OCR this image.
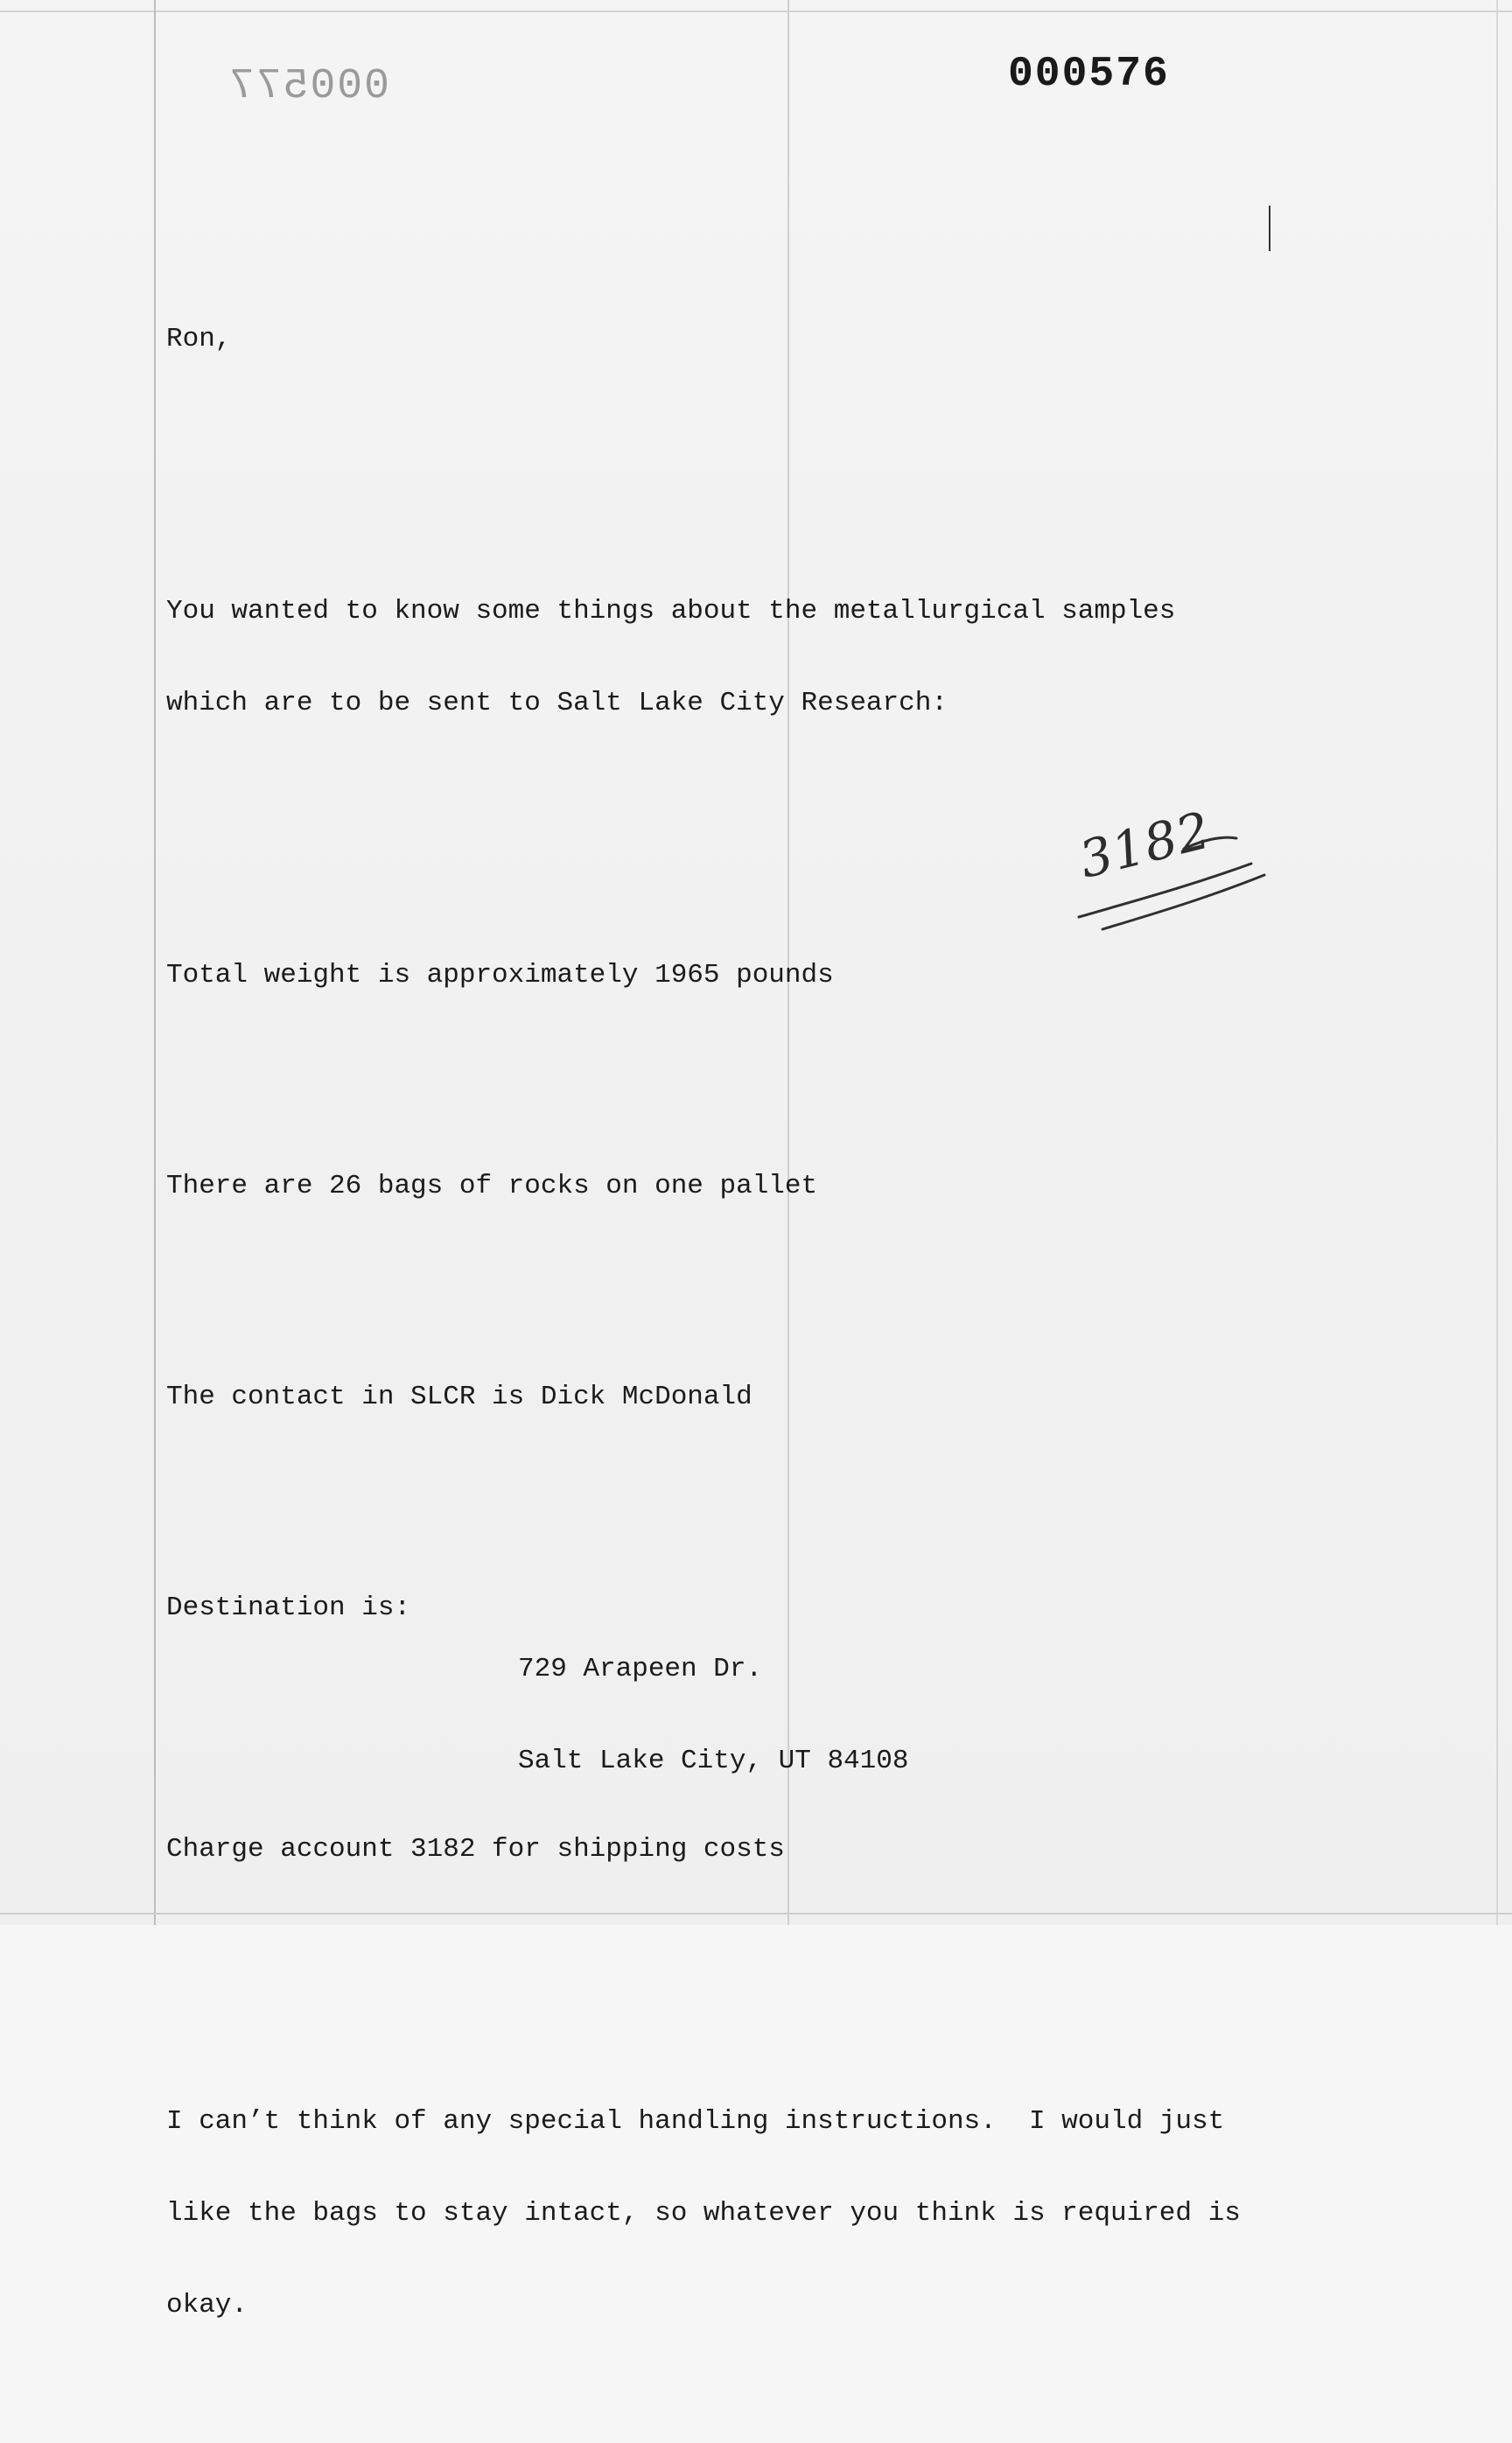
000577	000576

Ron,

You wanted to know some things about the metallurgical samples

which are to be sent to Salt Lake City Research:

Total weight is approximately 1965 pounds

There are 26 bags of rocks on one pallet

The contact in SLCR is Dick McDonald

Destination is:

729 Arapeen Dr.

Salt Lake City, UT 84108

Charge account 3182 for shipping costs

I can’t think of any special handling instructions.  I would just

like the bags to stay intact, so whatever you think is required is

okay.

3182
